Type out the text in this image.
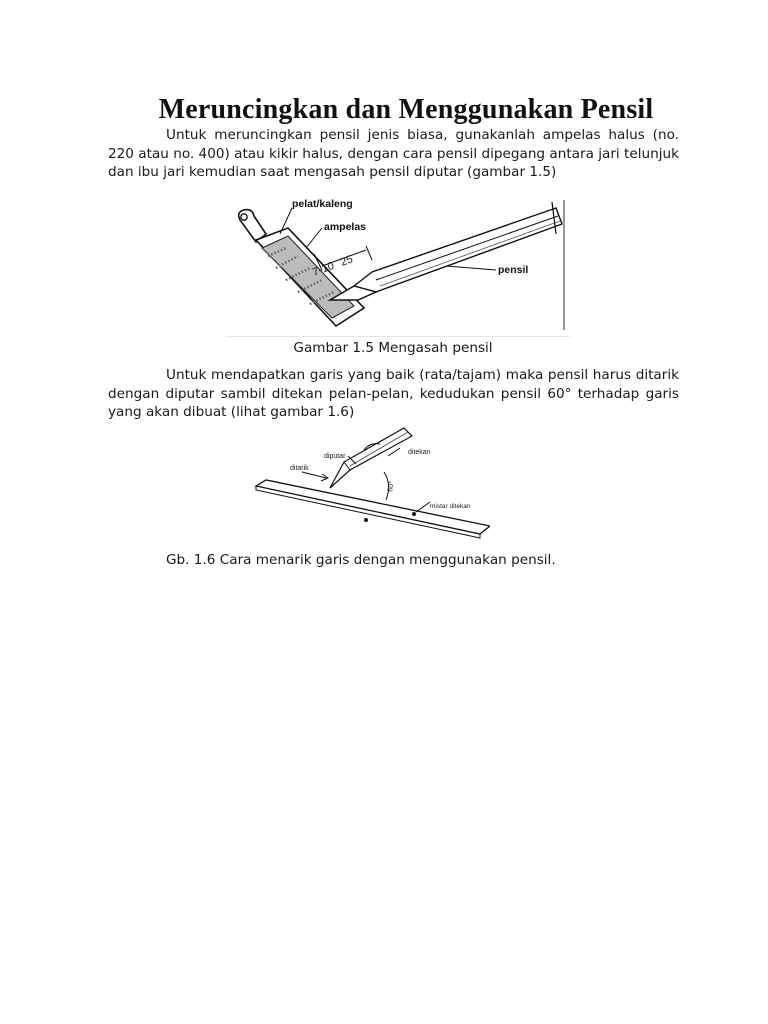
Meruncingkan dan Menggunakan Pensil

Untuk meruncingkan pensil jenis biasa, gunakanlah ampelas halus (no. 220 atau no. 400) atau kikir halus, dengan cara pensil dipegang antara jari telunjuk dan ibu jari kemudian saat mengasah pensil diputar (gambar 1.5)

pelat/kaleng
ampelas
pensil
7-10 25
Gambar 1.5 Mengasah pensil

Untuk mendapatkan garis yang baik (rata/tajam) maka pensil harus ditarik dengan diputar sambil ditekan pelan-pelan, kedudukan pensil 60° terhadap garis yang akan dibuat (lihat gambar 1.6)

diputar
ditekan
ditarik
60°
mistar ditekan
Gb. 1.6 Cara menarik garis dengan menggunakan pensil.
